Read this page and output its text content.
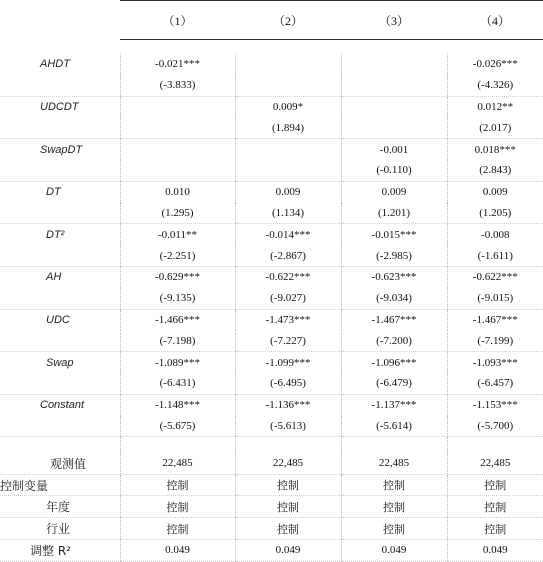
	（1）	（2）	（3）	（4）

AHDT	-0.021***			-0.026***
	(-3.833)			(-4.326)
UDCDT		0.009*		0.012**
		(1.894)		(2.017)
SwapDT			-0.001	0.018***
			(-0.110)	(2.843)
DT	0.010	0.009	0.009	0.009
	(1.295)	(1.134)	(1.201)	(1.205)
DT²	-0.011**	-0.014***	-0.015***	-0.008
	(-2.251)	(-2.867)	(-2.985)	(-1.611)
AH	-0.629***	-0.622***	-0.623***	-0.622***
	(-9.135)	(-9.027)	(-9.034)	(-9.015)
UDC	-1.466***	-1.473***	-1.467***	-1.467***
	(-7.198)	(-7.227)	(-7.200)	(-7.199)
Swap	-1.089***	-1.099***	-1.096***	-1.093***
	(-6.431)	(-6.495)	(-6.479)	(-6.457)
Constant	-1.148***	-1.136***	-1.137***	-1.153***
	(-5.675)	(-5.613)	(-5.614)	(-5.700)

观测值	22,485	22,485	22,485	22,485
控制变量	控制	控制	控制	控制
年度	控制	控制	控制	控制
行业	控制	控制	控制	控制
调整 R²	0.049	0.049	0.049	0.049
